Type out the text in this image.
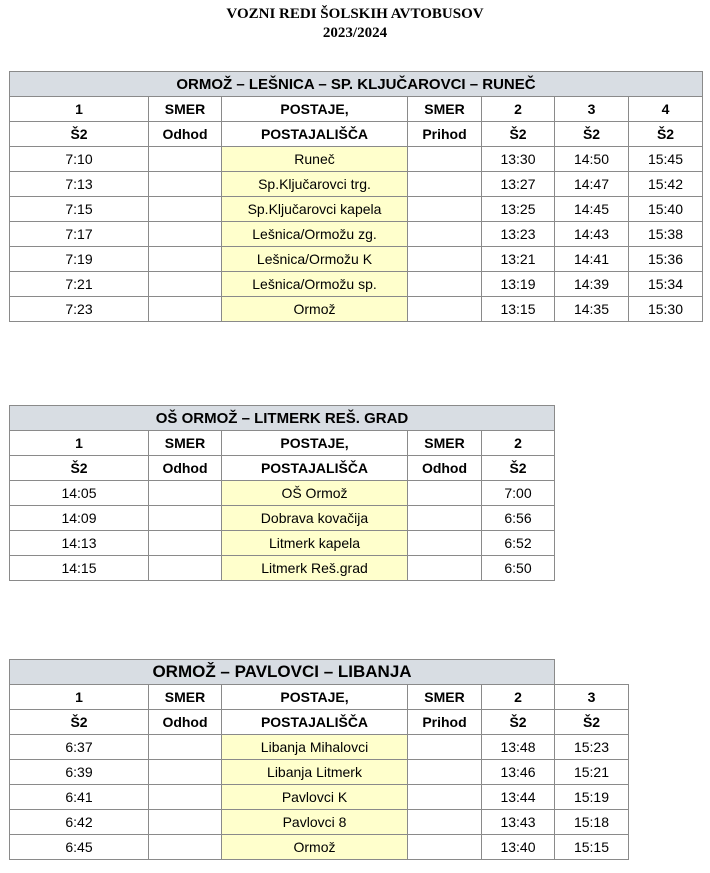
VOZNI REDI ŠOLSKIH AVTOBUSOV
2023/2024
ORMOŽ – LEŠNICA – SP. KLJUČAROVCI – RUNEČ						
1	SMER	POSTAJE,	SMER	2	3	4
Š2	Odhod	POSTAJALIŠČA	Prihod	Š2	Š2	Š2
7:10		Runeč		13:30	14:50	15:45
7:13		Sp.Ključarovci trg.		13:27	14:47	15:42
7:15		Sp.Ključarovci kapela		13:25	14:45	15:40
7:17		Lešnica/Ormožu zg.		13:23	14:43	15:38
7:19		Lešnica/Ormožu K		13:21	14:41	15:36
7:21		Lešnica/Ormožu sp.		13:19	14:39	15:34
7:23		Ormož		13:15	14:35	15:30
OŠ ORMOŽ – LITMERK REŠ. GRAD				
1	SMER	POSTAJE,	SMER	2
Š2	Odhod	POSTAJALIŠČA	Odhod	Š2
14:05		OŠ Ormož		7:00
14:09		Dobrava kovačija		6:56
14:13		Litmerk kapela		6:52
14:15		Litmerk Reš.grad		6:50
ORMOŽ – PAVLOVCI – LIBANJA					
1	SMER	POSTAJE,	SMER	2	3
Š2	Odhod	POSTAJALIŠČA	Prihod	Š2	Š2
6:37		Libanja Mihalovci		13:48	15:23
6:39		Libanja Litmerk		13:46	15:21
6:41		Pavlovci K		13:44	15:19
6:42		Pavlovci 8		13:43	15:18
6:45		Ormož		13:40	15:15
